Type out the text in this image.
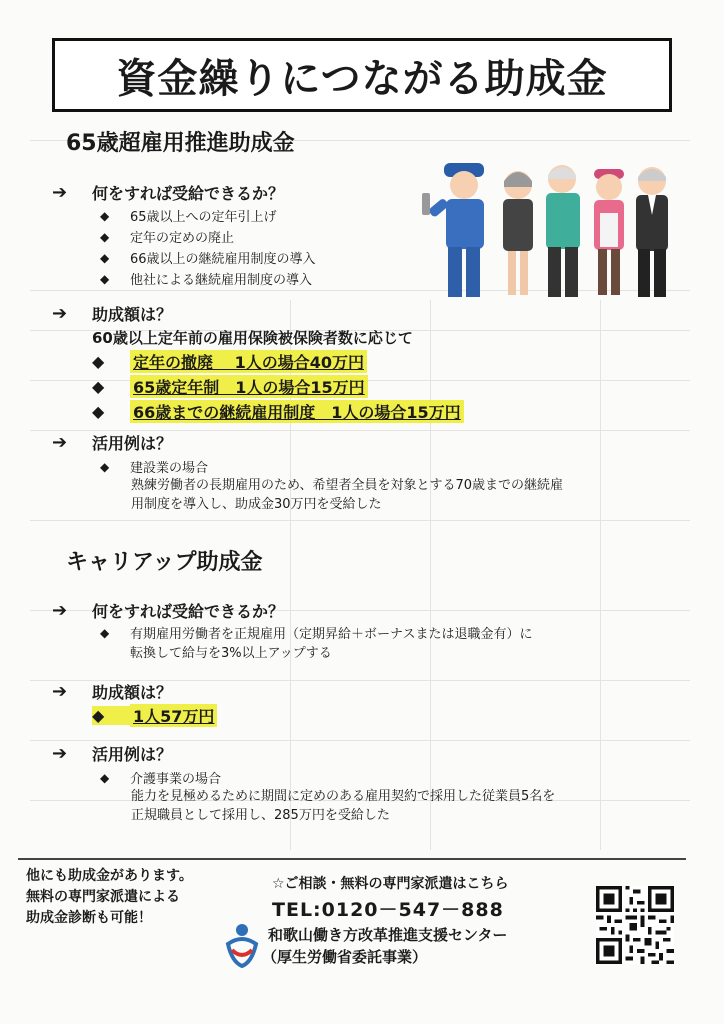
資金繰りにつながる助成金
65歳超雇用推進助成金
➔	何をすれば受給できるか？
◆	65歳以上への定年引上げ
◆	定年の定めの廃止
◆	66歳以上の継続雇用制度の導入
◆	他社による継続雇用制度の導入
➔	助成額は？
60歳以上定年前の雇用保険被保険者数に応じて
◆	定年の撤廃　 1人の場合40万円
◆	65歳定年制　1人の場合15万円
◆	66歳までの継続雇用制度　1人の場合15万円
➔	活用例は？
◆	建設業の場合
熟練労働者の長期雇用のため、希望者全員を対象とする70歳までの継続雇
用制度を導入し、助成金30万円を受給した
キャリアップ助成金
➔	何をすれば受給できるか？
◆	有期雇用労働者を正規雇用（定期昇給＋ボーナスまたは退職金有）に
転換して給与を3%以上アップする
➔	助成額は？
◆	1人57万円
➔	活用例は？
◆	介護事業の場合
能力を見極めるために期間に定めのある雇用契約で採用した従業員5名を
正規職員として採用し、285万円を受給した
他にも助成金があります。
無料の専門家派遣による
助成金診断も可能！
☆ご相談・無料の専門家派遣はこちら
TEL:0120－547－888
和歌山働き方改革推進支援センター
（厚生労働省委託事業）
